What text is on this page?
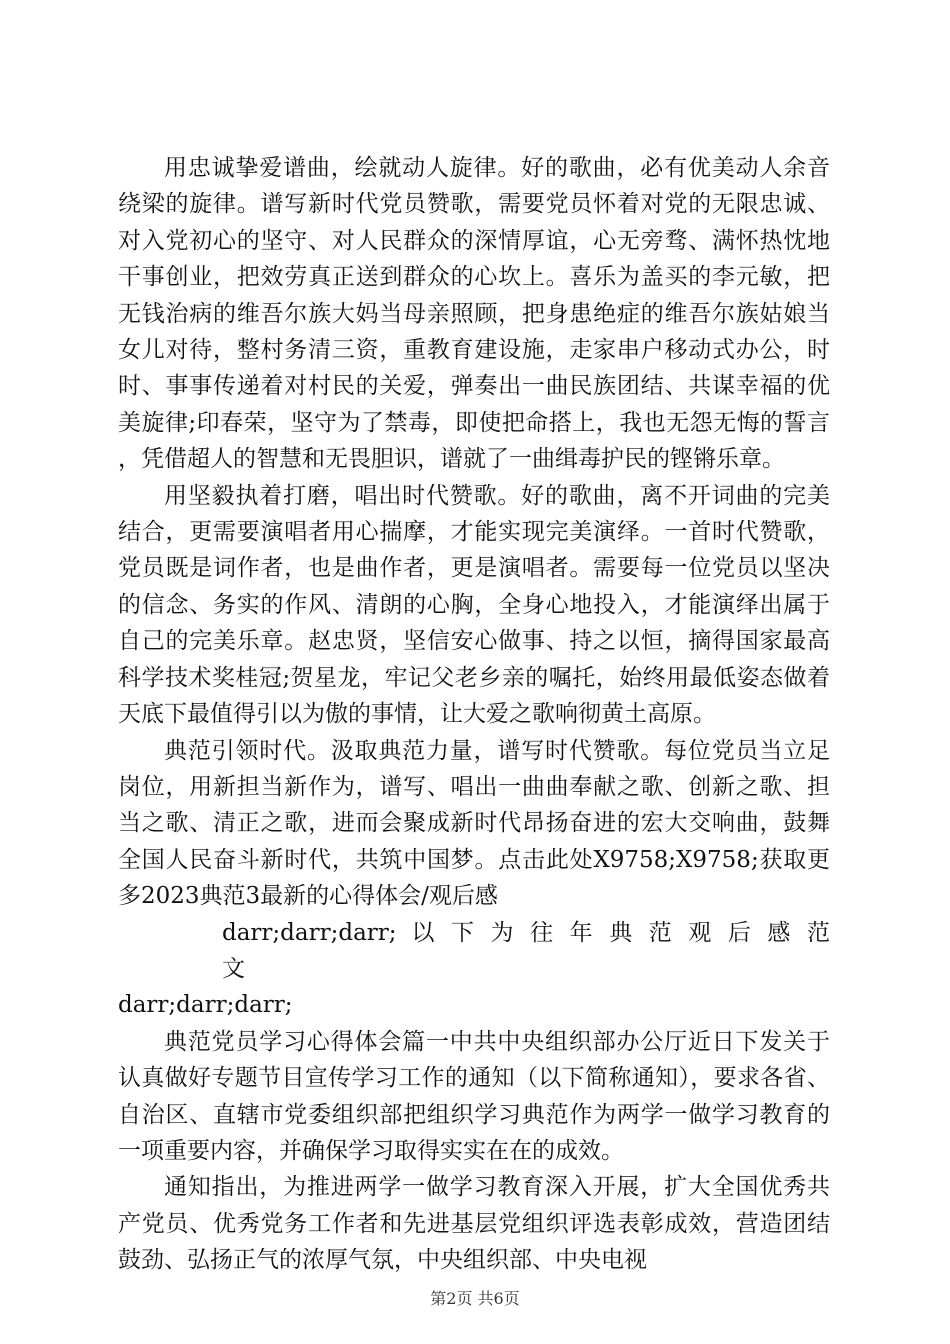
用忠诚挚爱谱曲，绘就动人旋律。好的歌曲，必有优美动人余音绕梁的旋律。谱写新时代党员赞歌，需要党员怀着对党的无限忠诚、对入党初心的坚守、对人民群众的深情厚谊，心无旁骛、满怀热忱地干事创业，把效劳真正送到群众的心坎上。喜乐为盖买的李元敏，把无钱治病的维吾尔族大妈当母亲照顾，把身患绝症的维吾尔族姑娘当女儿对待，整村务清三资，重教育建设施，走家串户移动式办公，时时、事事传递着对村民的关爱，弹奏出一曲民族团结、共谋幸福的优美旋律;印春荣，坚守为了禁毒，即使把命搭上，我也无怨无悔的誓言，凭借超人的智慧和无畏胆识，谱就了一曲缉毒护民的铿锵乐章。

用坚毅执着打磨，唱出时代赞歌。好的歌曲，离不开词曲的完美结合，更需要演唱者用心揣摩，才能实现完美演绎。一首时代赞歌，党员既是词作者，也是曲作者，更是演唱者。需要每一位党员以坚决的信念、务实的作风、清朗的心胸，全身心地投入，才能演绎出属于自己的完美乐章。赵忠贤，坚信安心做事、持之以恒，摘得国家最高科学技术奖桂冠;贺星龙，牢记父老乡亲的嘱托，始终用最低姿态做着天底下最值得引以为傲的事情，让大爱之歌响彻黄土高原。

典范引领时代。汲取典范力量，谱写时代赞歌。每位党员当立足岗位，用新担当新作为，谱写、唱出一曲曲奉献之歌、创新之歌、担当之歌、清正之歌，进而会聚成新时代昂扬奋进的宏大交响曲，鼓舞全国人民奋斗新时代，共筑中国梦。点击此处X9758;X9758;获取更多2023典范3最新的心得体会/观后感

darr;darr;darr; 以 下 为 往 年 典 范 观 后 感 范 文

darr;darr;darr;

典范党员学习心得体会篇一中共中央组织部办公厅近日下发关于认真做好专题节目宣传学习工作的通知（以下简称通知），要求各省、自治区、直辖市党委组织部把组织学习典范作为两学一做学习教育的一项重要内容，并确保学习取得实实在在的成效。

通知指出，为推进两学一做学习教育深入开展，扩大全国优秀共产党员、优秀党务工作者和先进基层党组织评选表彰成效，营造团结鼓劲、弘扬正气的浓厚气氛，中央组织部、中央电视

第2页 共6页
